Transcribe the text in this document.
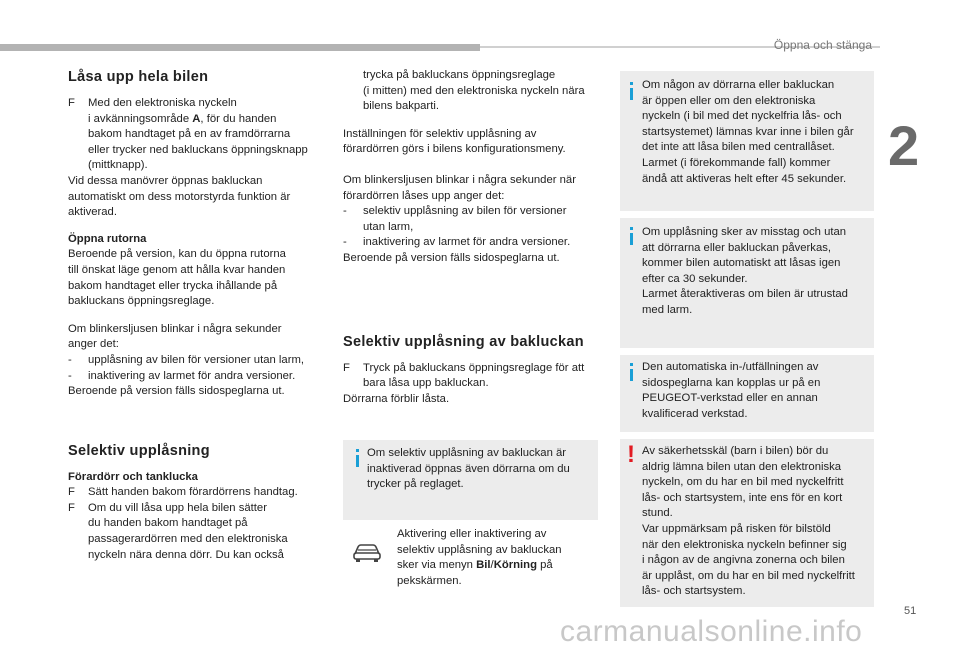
Öppna och stänga
2
Låsa upp hela bilen
F	Med den elektroniska nyckeln
i avkänningsområde A, för du handen
bakom handtaget på en av framdörrarna
eller trycker ned bakluckans öppningsknapp
(mittknapp).
Vid dessa manövrer öppnas bakluckan
automatiskt om dess motorstyrda funktion är
aktiverad.
Öppna rutorna
Beroende på version, kan du öppna rutorna
till önskat läge genom att hålla kvar handen
bakom handtaget eller trycka ihållande på
bakluckans öppningsreglage.
Om blinkersljusen blinkar i några sekunder
anger det:
-	upplåsning av bilen för versioner utan larm,
-	inaktivering av larmet för andra versioner.
Beroende på version fälls sidospeglarna ut.
Selektiv upplåsning
Förardörr och tanklucka
F	Sätt handen bakom förardörrens handtag.
F	Om du vill låsa upp hela bilen sätter
du handen bakom handtaget på
passagerardörren med den elektroniska
nyckeln nära denna dörr. Du kan också
trycka på bakluckans öppningsreglage
(i mitten) med den elektroniska nyckeln nära
bilens bakparti.
Inställningen för selektiv upplåsning av
förardörren görs i bilens konfigurationsmeny.
Om blinkersljusen blinkar i några sekunder när
förardörren låses upp anger det:
-	selektiv upplåsning av bilen för versioner
utan larm,
-	inaktivering av larmet för andra versioner.
Beroende på version fälls sidospeglarna ut.
Selektiv upplåsning av bakluckan
F	Tryck på bakluckans öppningsreglage för att
bara låsa upp bakluckan.
Dörrarna förblir låsta.
Om selektiv upplåsning av bakluckan är
inaktiverad öppnas även dörrarna om du
trycker på reglaget.
Aktivering eller inaktivering av
selektiv upplåsning av bakluckan
sker via menyn Bil/Körning på
pekskärmen.
Om någon av dörrarna eller bakluckan
är öppen eller om den elektroniska
nyckeln (i bil med det nyckelfria lås- och
startsystemet) lämnas kvar inne i bilen går
det inte att låsa bilen med centrallåset.
Larmet (i förekommande fall) kommer
ändå att aktiveras helt efter 45 sekunder.
Om upplåsning sker av misstag och utan
att dörrarna eller bakluckan påverkas,
kommer bilen automatiskt att låsas igen
efter ca 30 sekunder.
Larmet återaktiveras om bilen är utrustad
med larm.
Den automatiska in-/utfällningen av
sidospeglarna kan kopplas ur på en
PEUGEOT-verkstad eller en annan
kvalificerad verkstad.
! Av säkerhetsskäl (barn i bilen) bör du
aldrig lämna bilen utan den elektroniska
nyckeln, om du har en bil med nyckelfritt
lås- och startsystem, inte ens för en kort
stund.
Var uppmärksam på risken för bilstöld
när den elektroniska nyckeln befinner sig
i någon av de angivna zonerna och bilen
är upplåst, om du har en bil med nyckelfritt
lås- och startsystem.
51
carmanualsonline.info
